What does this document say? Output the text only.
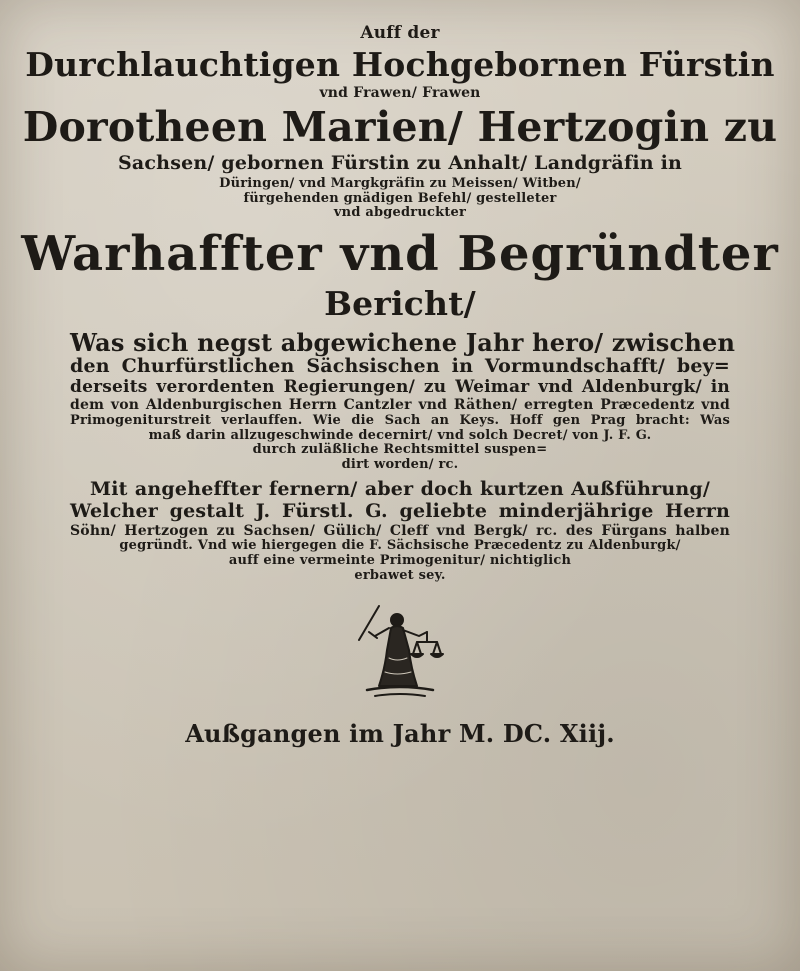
Auff der
Durchlauchtigen Hochgebornen Fürstin
vnd Frawen/ Frawen
Dorotheen Marien/ Hertzogin zu
Sachsen/ gebornen Fürstin zu Anhalt/ Landgräfin in
Düringen/ vnd Margkgräfin zu Meissen/ Witben/
fürgehenden gnädigen Befehl/ gestelleter
vnd abgedruckter
Warhaffter vnd Begründter
Bericht/
Was sich negst abgewichene Jahr hero/ zwischen
den Churfürstlichen Sächsischen in Vormundschafft/ bey=
derseits verordenten Regierungen/ zu Weimar vnd Aldenburgk/ in
dem von Aldenburgischen Herrn Cantzler vnd Räthen/ erregten Præcedentz vnd
Primogeniturstreit verlauffen. Wie die Sach an Keys. Hoff gen Prag bracht: Was
maß darin allzugeschwinde decernirt/ vnd solch Decret/ von J. F. G.
durch zuläßliche Rechtsmittel suspen=
dirt worden/ rc.
Mit angeheffter fernern/ aber doch kurtzen Außführung/
Welcher gestalt J. Fürstl. G. geliebte minderjährige Herrn
Söhn/ Hertzogen zu Sachsen/ Gülich/ Cleff vnd Bergk/ rc. des Fürgans halben
gegründt. Vnd wie hiergegen die F. Sächsische Præcedentz zu Aldenburgk/
auff eine vermeinte Primogenitur/ nichtiglich
erbawet sey.
Außgangen im Jahr M. DC. Xiij.
